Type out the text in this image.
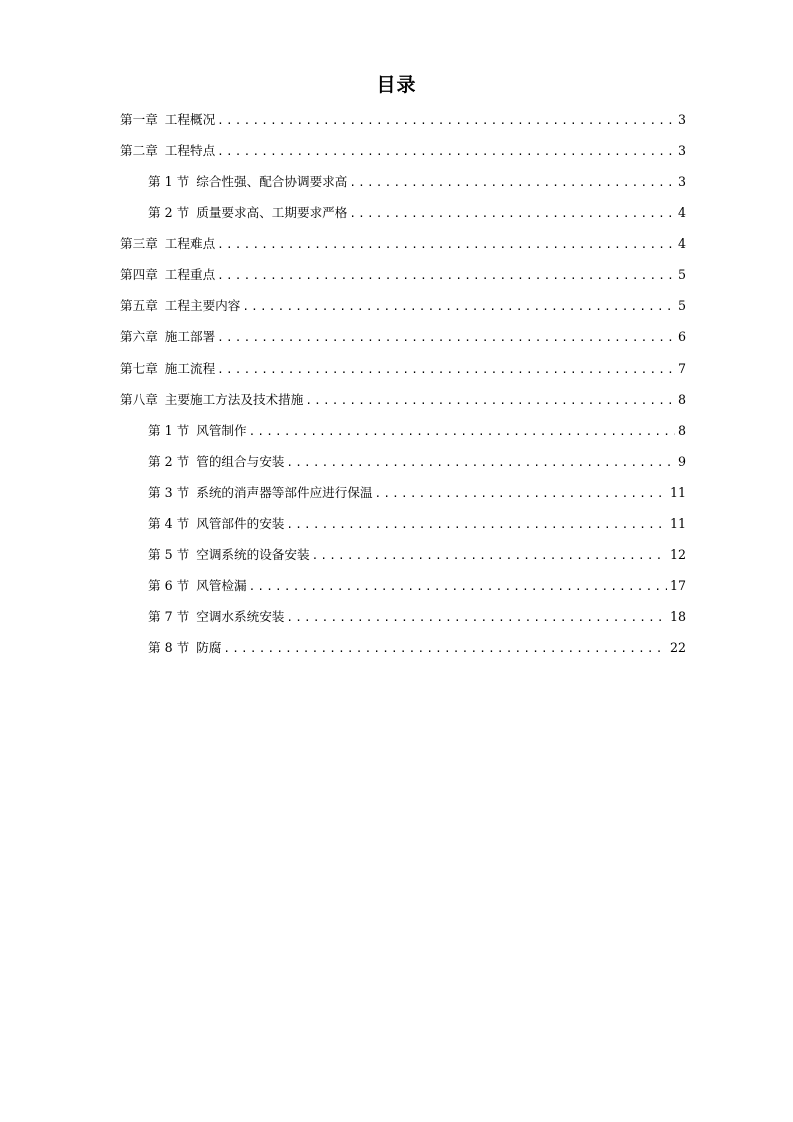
目录
第一章 工程概况 .....	3
第二章 工程特点 .....	3
第 1 节 综合性强、配合协调要求高 .....	3
第 2 节 质量要求高、工期要求严格 .....	4
第三章 工程难点 .....	4
第四章 工程重点 .....	5
第五章 工程主要内容 .....	5
第六章 施工部署 .....	6
第七章 施工流程 .....	7
第八章 主要施工方法及技术措施 .....	8
第 1 节 风管制作 .....	8
第 2 节 管的组合与安装 .....	9
第 3 节 系统的消声器等部件应进行保温 .....	11
第 4 节 风管部件的安装 .....	11
第 5 节 空调系统的设备安装 .....	12
第 6 节 风管检漏 .....	17
第 7 节 空调水系统安装 .....	18
第 8 节 防腐 .....	22
